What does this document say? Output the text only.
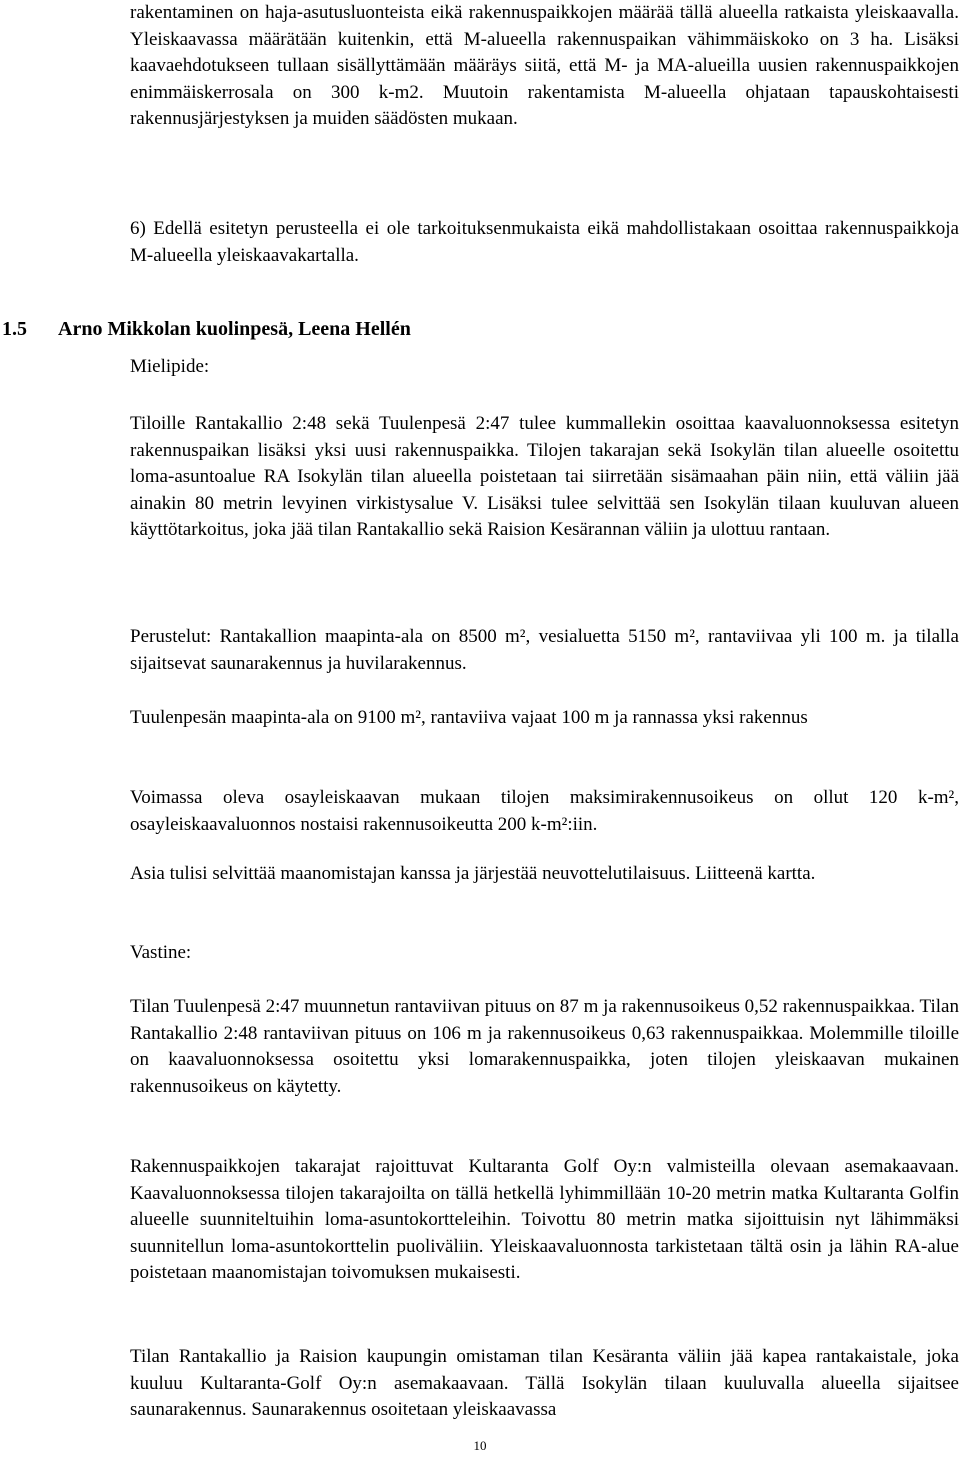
rakentaminen on haja-asutusluonteista eikä rakennuspaikkojen määrää tällä alueella ratkaista yleiskaavalla. Yleiskaavassa määrätään kuitenkin, että M-alueella rakennuspaikan vähimmäiskoko on 3 ha. Lisäksi kaavaehdotukseen tullaan sisällyttämään määräys siitä, että M- ja MA-alueilla uusien rakennuspaikkojen enimmäiskerrosala on 300 k-m2. Muutoin rakentamista M-alueella ohjataan tapauskohtaisesti rakennusjärjestyksen ja muiden säädösten mukaan.

6) Edellä esitetyn perusteella ei ole tarkoituksenmukaista eikä mahdollistakaan osoittaa rakennuspaikkoja M-alueella yleiskaavakartalla.

1.5 Arno Mikkolan kuolinpesä, Leena Hellén

Mielipide:

Tiloille Rantakallio 2:48 sekä Tuulenpesä 2:47 tulee kummallekin osoittaa kaavaluonnoksessa esitetyn rakennuspaikan lisäksi yksi uusi rakennuspaikka. Tilojen takarajan sekä Isokylän tilan alueelle osoitettu loma-asuntoalue RA Isokylän tilan alueella poistetaan tai siirretään sisämaahan päin niin, että väliin jää ainakin 80 metrin levyinen virkistysalue V. Lisäksi tulee selvittää sen Isokylän tilaan kuuluvan alueen käyttötarkoitus, joka jää tilan Rantakallio sekä Raision Kesärannan väliin ja ulottuu rantaan.

Perustelut: Rantakallion maapinta-ala on 8500 m², vesialuetta 5150 m², rantaviivaa yli 100 m. ja tilalla sijaitsevat saunarakennus ja huvilarakennus.

Tuulenpesän maapinta-ala on 9100 m², rantaviiva vajaat 100 m ja rannassa yksi rakennus

Voimassa oleva osayleiskaavan mukaan tilojen maksimirakennusoikeus on ollut 120 k-m², osayleiskaavaluonnos nostaisi rakennusoikeutta 200 k-m²:iin.

Asia tulisi selvittää maanomistajan kanssa ja järjestää neuvottelutilaisuus. Liitteenä kartta.

Vastine:

Tilan Tuulenpesä 2:47 muunnetun rantaviivan pituus on 87 m ja rakennusoikeus 0,52 rakennuspaikkaa. Tilan Rantakallio 2:48 rantaviivan pituus on 106 m ja rakennusoikeus 0,63 rakennuspaikkaa. Molemmille tiloille on kaavaluonnoksessa osoitettu yksi lomarakennuspaikka, joten tilojen yleiskaavan mukainen rakennusoikeus on käytetty.

Rakennuspaikkojen takarajat rajoittuvat Kultaranta Golf Oy:n valmisteilla olevaan asemakaavaan. Kaavaluonnoksessa tilojen takarajoilta on tällä hetkellä lyhimmillään 10-20 metrin matka Kultaranta Golfin alueelle suunniteltuihin loma-asuntokortteleihin. Toivottu 80 metrin matka sijoittuisin nyt lähimmäksi suunnitellun loma-asuntokorttelin puoliväliin. Yleiskaavaluonnosta tarkistetaan tältä osin ja lähin RA-alue poistetaan maanomistajan toivomuksen mukaisesti.

Tilan Rantakallio ja Raision kaupungin omistaman tilan Kesäranta väliin jää kapea rantakaistale, joka kuuluu Kultaranta-Golf Oy:n asemakaavaan. Tällä Isokylän tilaan kuuluvalla alueella sijaitsee saunarakennus. Saunarakennus osoitetaan yleiskaavassa

10
